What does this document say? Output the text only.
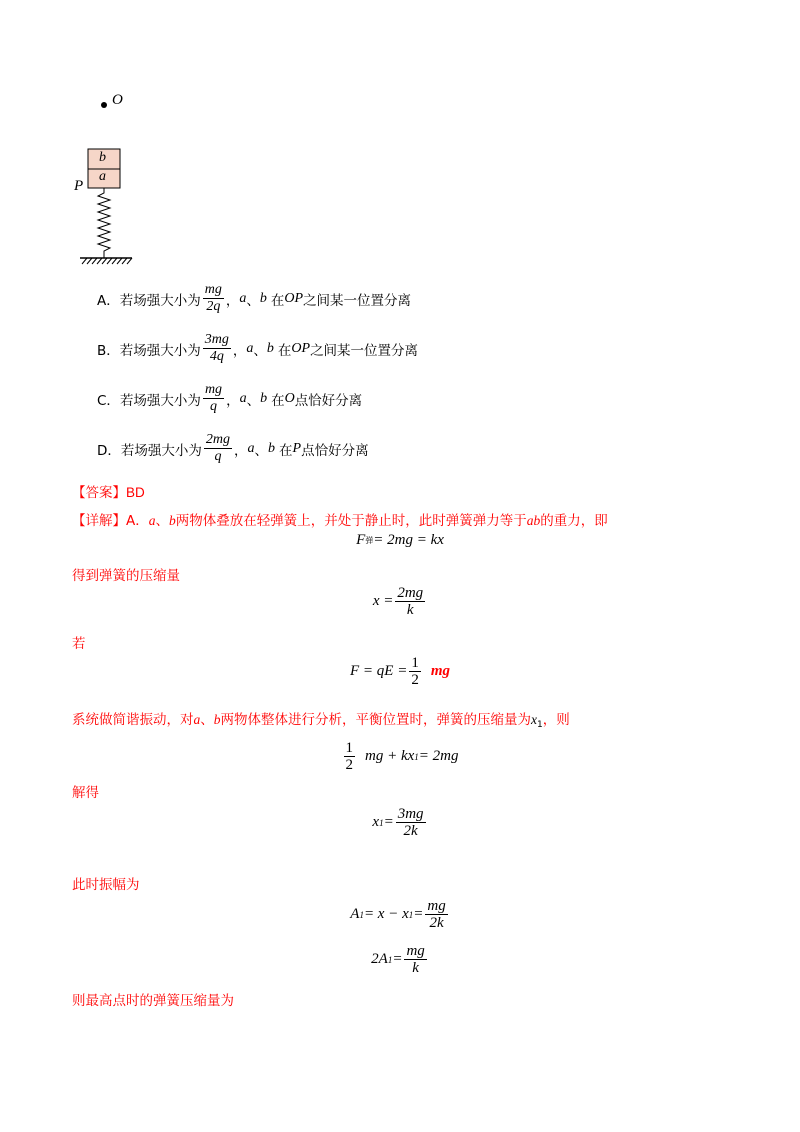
O
b
a
P
A． 若场强大小为 $\frac{mg}{2q}$ ， a 、 b 在 OP 之间某一位置分离
B． 若场强大小为 $\frac{3mg}{4q}$ ， a 、 b 在 OP 之间某一位置分离
C． 若场强大小为 $\frac{mg}{q}$ ， a 、 b 在 O 点恰好分离
D． 若场强大小为 $\frac{2mg}{q}$ ， a 、 b 在 P 点恰好分离
【答案】BD
【详解】A．a、b两物体叠放在轻弹簧上，并处于静止时，此时弹簧弹力等于ab的重力，即
F 弹 = 2mg = kx
得到弹簧的压缩量
$x = \frac{2mg}{k}$
若
F = qE = $\frac{1}{2}$ mg
系统做简谐振动，对a、b两物体整体进行分析，平衡位置时，弹簧的压缩量为$x_1$，则
$\frac{1}{2}$ mg + kx 1 = 2mg
解得
x $1 = \frac{3mg}{2k}$
此时振幅为
A 1 = x − x $1 = \frac{mg}{2k}$
2A $1 = \frac{mg}{k}$
则最高点时的弹簧压缩量为
